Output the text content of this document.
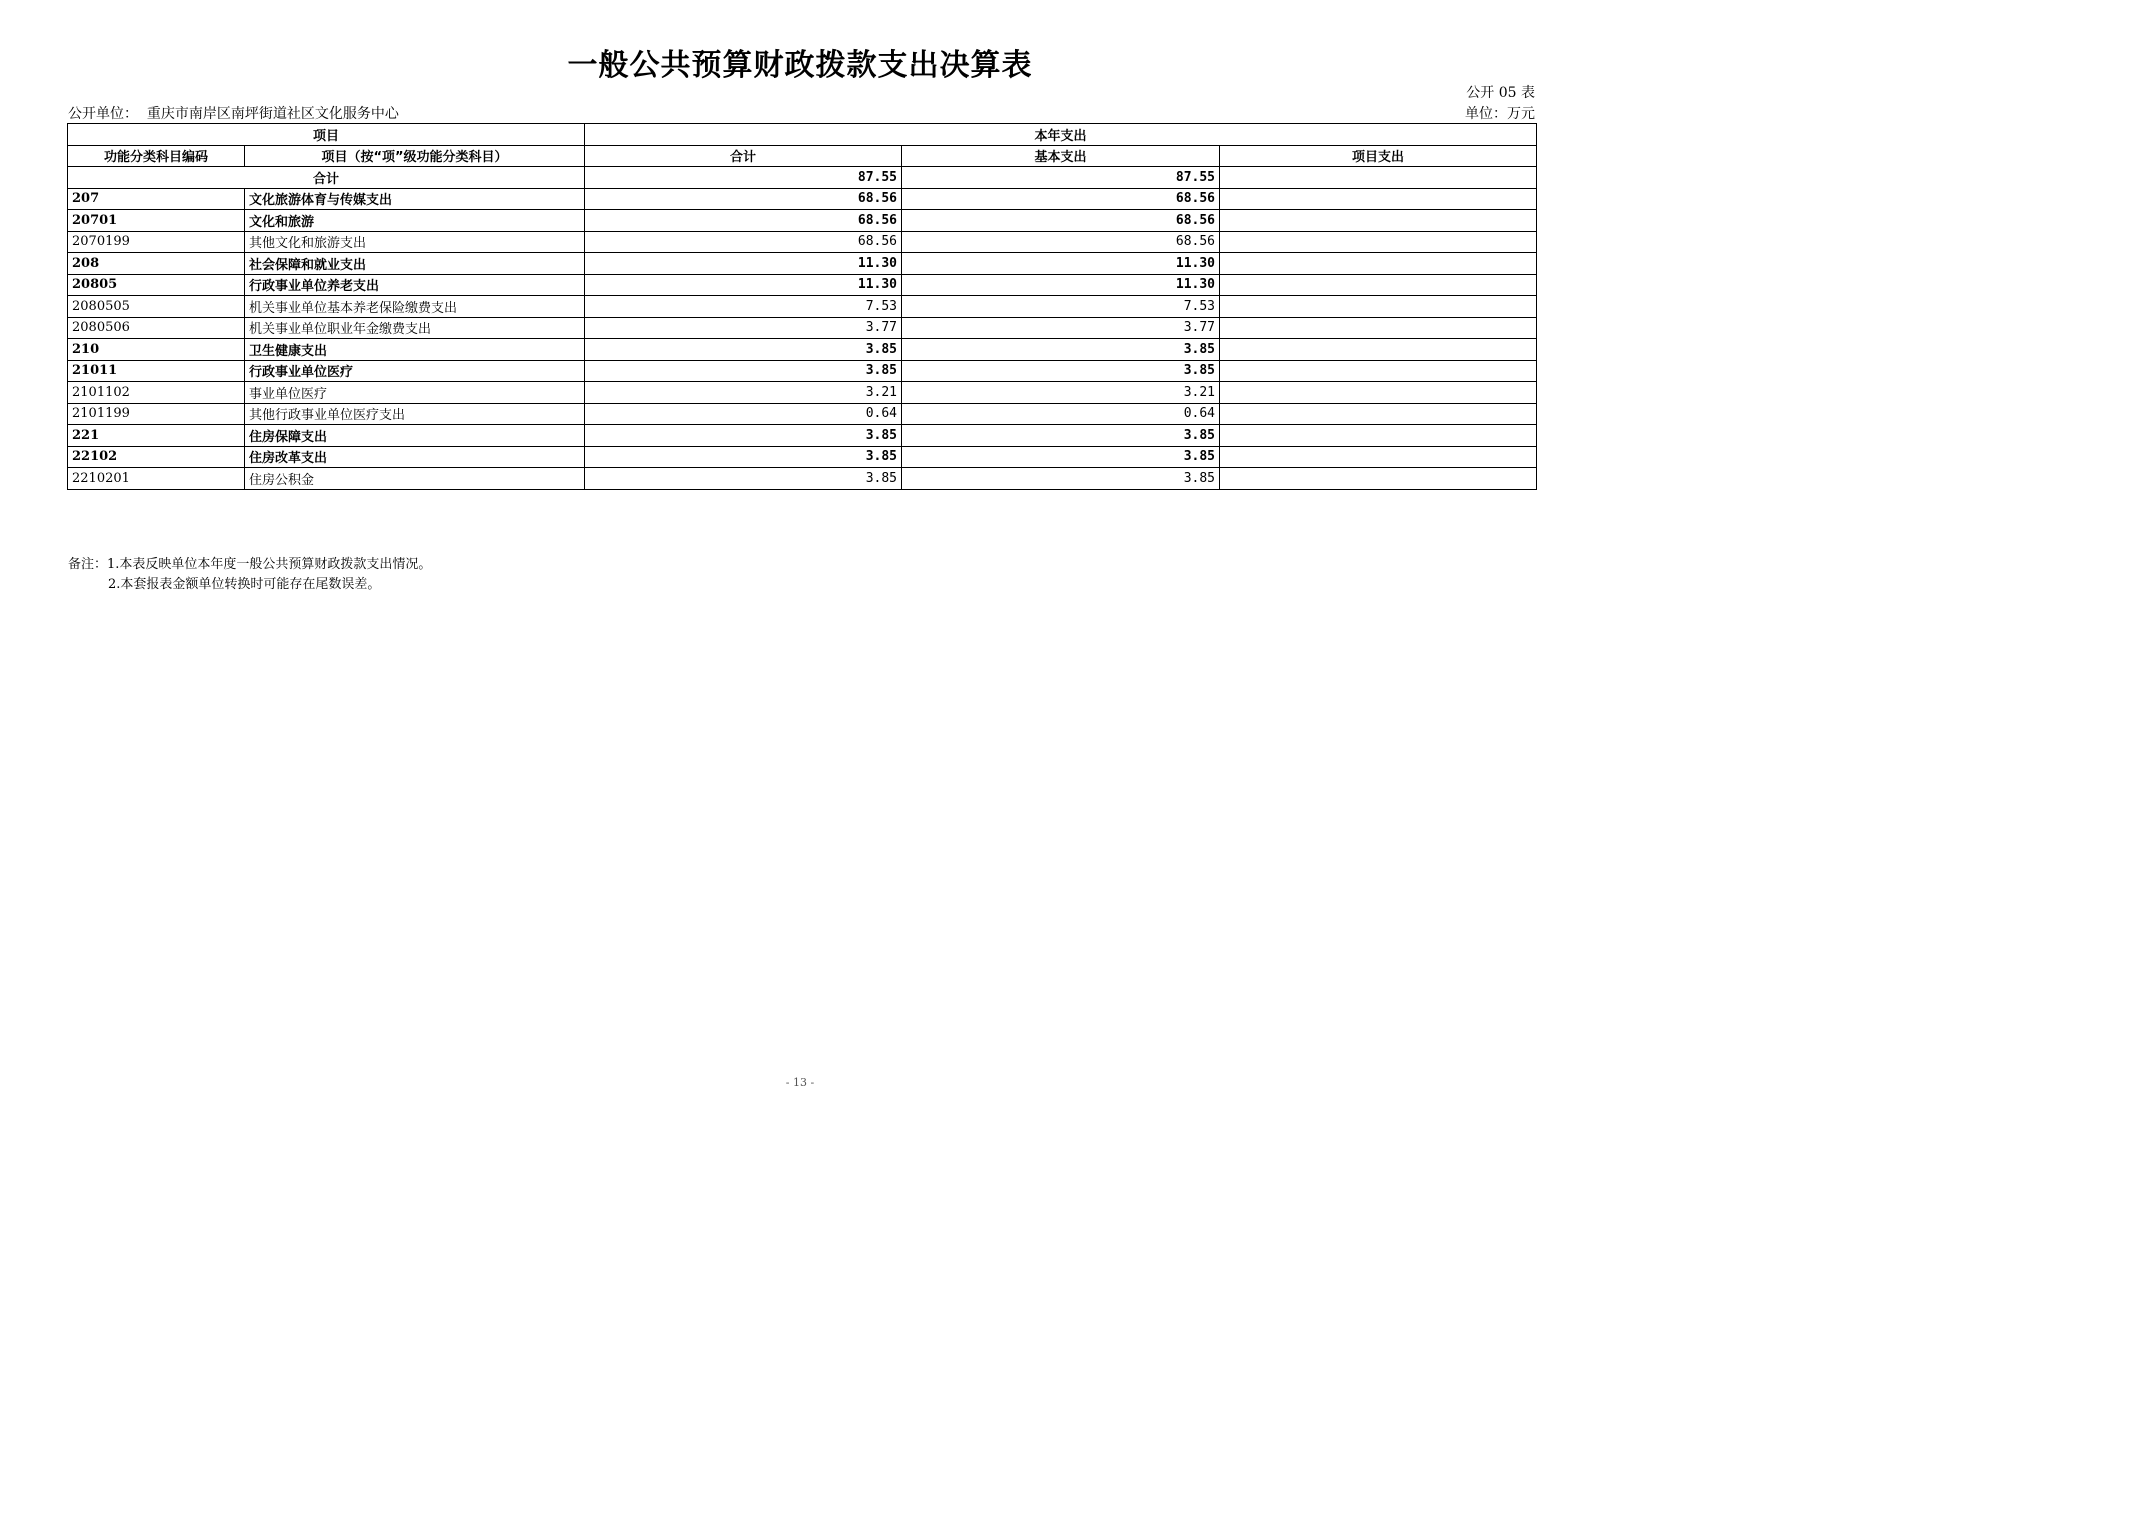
一般公共预算财政拨款支出决算表
公开 05 表
公开单位： 重庆市南岸区南坪街道社区文化服务中心	单位：万元
项目		本年支出		
功能分类科目编码	项目（按“项”级功能分类科目）	合计	基本支出	项目支出
合计		87.55	87.55	
207	文化旅游体育与传媒支出	68.56	68.56	
20701	文化和旅游	68.56	68.56	
2070199	其他文化和旅游支出	68.56	68.56	
208	社会保障和就业支出	11.30	11.30	
20805	行政事业单位养老支出	11.30	11.30	
2080505	机关事业单位基本养老保险缴费支出	7.53	7.53	
2080506	机关事业单位职业年金缴费支出	3.77	3.77	
210	卫生健康支出	3.85	3.85	
21011	行政事业单位医疗	3.85	3.85	
2101102	事业单位医疗	3.21	3.21	
2101199	其他行政事业单位医疗支出	0.64	0.64	
221	住房保障支出	3.85	3.85	
22102	住房改革支出	3.85	3.85	
2210201	住房公积金	3.85	3.85	
备注：1.本表反映单位本年度一般公共预算财政拨款支出情况。
2.本套报表金额单位转换时可能存在尾数误差。
- 13 -
